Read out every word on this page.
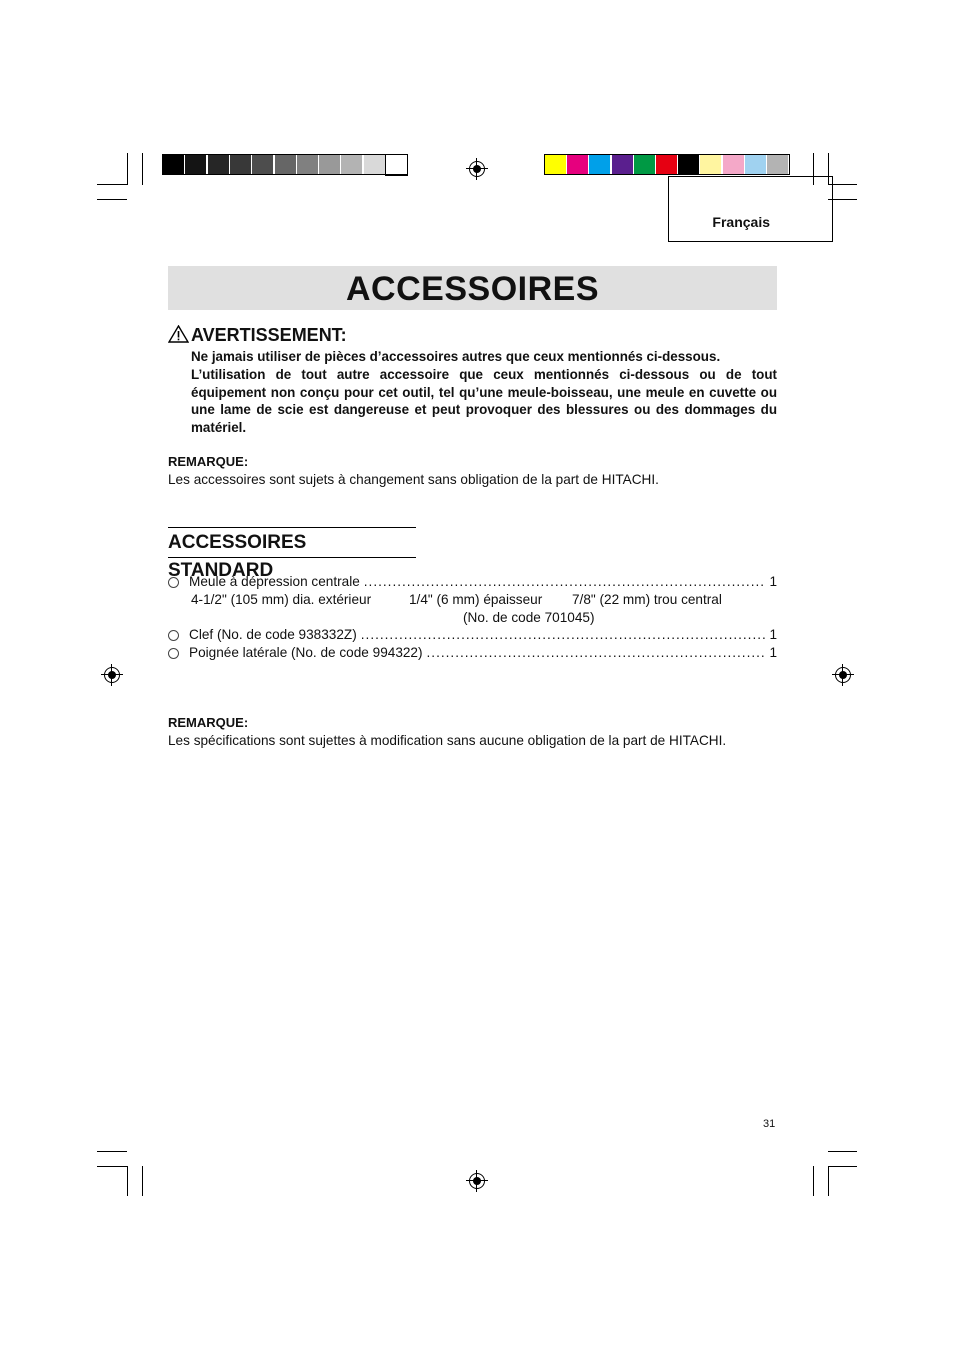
Français
ACCESSOIRES
AVERTISSEMENT:

Ne jamais utiliser de pièces d’accessoires autres que ceux mentionnés ci-dessous.

L’utilisation de tout autre accessoire que ceux mentionnés ci-dessous ou de tout équipement non conçu pour cet outil, tel qu’une meule-boisseau, une meule en cuvette ou une lame de scie est dangereuse et peut provoquer des blessures ou des dommages du matériel.

REMARQUE:
Les accessoires sont sujets à changement sans obligation de la part de HITACHI.
ACCESSOIRES STANDARD
Meule à dépression centrale .....	1
4-1/2" (105 mm) dia. extérieur	1/4" (6 mm) épaisseur 7/8" (22 mm) trou central
(No. de code 701045)
Clef (No. de code 938332Z) .....	1
Poignée latérale (No. de code 994322) .....	1
REMARQUE:
Les spécifications sont sujettes à modification sans aucune obligation de la part de HITACHI.
31
